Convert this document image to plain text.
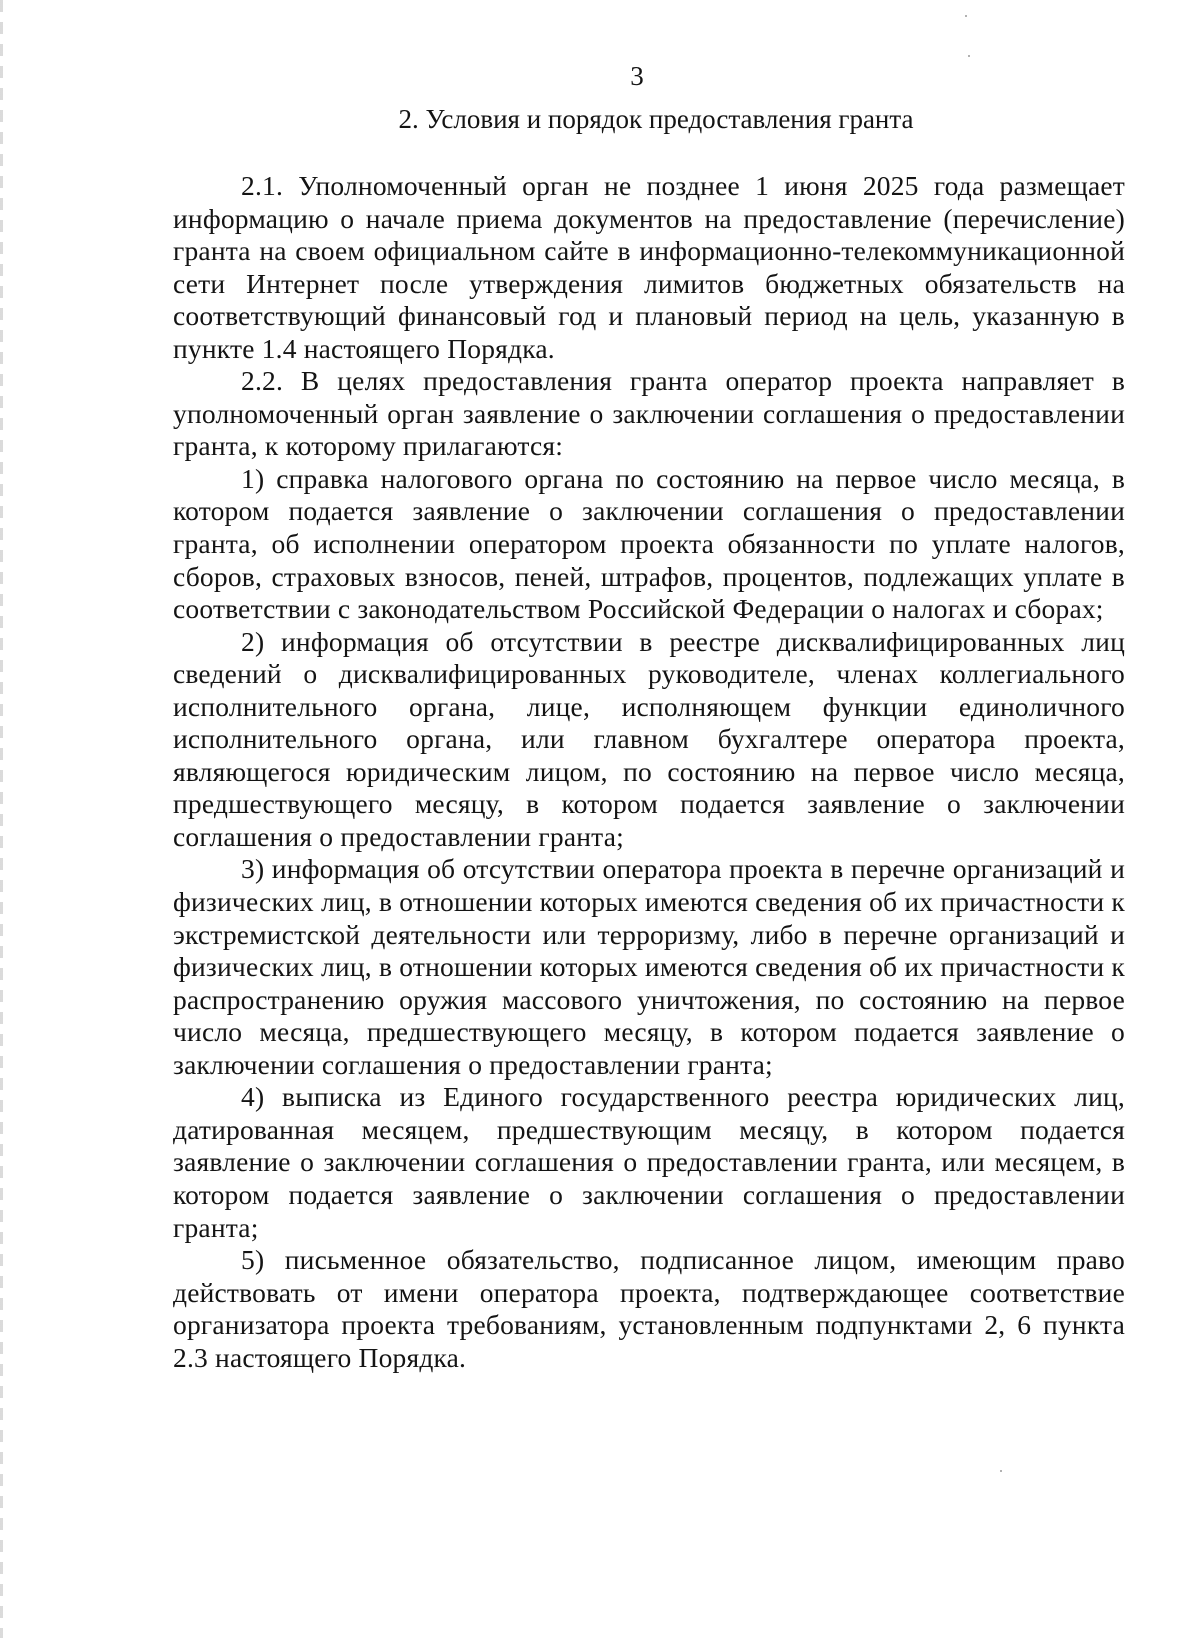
3
2. Условия и порядок предоставления гранта

2.1. Уполномоченный орган не позднее 1 июня 2025 года размещает информацию о начале приема документов на предоставление (перечисление) гранта на своем официальном сайте в информационно-телекоммуникационной сети Интернет после утверждения лимитов бюджетных обязательств на соответствующий финансовый год и плановый период на цель, указанную в пункте 1.4 настоящего Порядка.

2.2. В целях предоставления гранта оператор проекта направляет в уполномоченный орган заявление о заключении соглашения о предоставлении гранта, к которому прилагаются:

1) справка налогового органа по состоянию на первое число месяца, в котором подается заявление о заключении соглашения о предоставлении гранта, об исполнении оператором проекта обязанности по уплате налогов, сборов, страховых взносов, пеней, штрафов, процентов, подлежащих уплате в соответствии с законодательством Российской Федерации о налогах и сборах;

2) информация об отсутствии в реестре дисквалифицированных лиц сведений о дисквалифицированных руководителе, членах коллегиального исполнительного органа, лице, исполняющем функции единоличного исполнительного органа, или главном бухгалтере оператора проекта, являющегося юридическим лицом, по состоянию на первое число месяца, предшествующего месяцу, в котором подается заявление о заключении соглашения о предоставлении гранта;

3) информация об отсутствии оператора проекта в перечне организаций и физических лиц, в отношении которых имеются сведения об их причастности к экстремистской деятельности или терроризму, либо в перечне организаций и физических лиц, в отношении которых имеются сведения об их причастности к распространению оружия массового уничтожения, по состоянию на первое число месяца, предшествующего месяцу, в котором подается заявление о заключении соглашения о предоставлении гранта;

4) выписка из Единого государственного реестра юридических лиц, датированная месяцем, предшествующим месяцу, в котором подается заявление о заключении соглашения о предоставлении гранта, или месяцем, в котором подается заявление о заключении соглашения о предоставлении гранта;

5) письменное обязательство, подписанное лицом, имеющим право действовать от имени оператора проекта, подтверждающее соответствие организатора проекта требованиям, установленным подпунктами 2, 6 пункта 2.3 настоящего Порядка.
